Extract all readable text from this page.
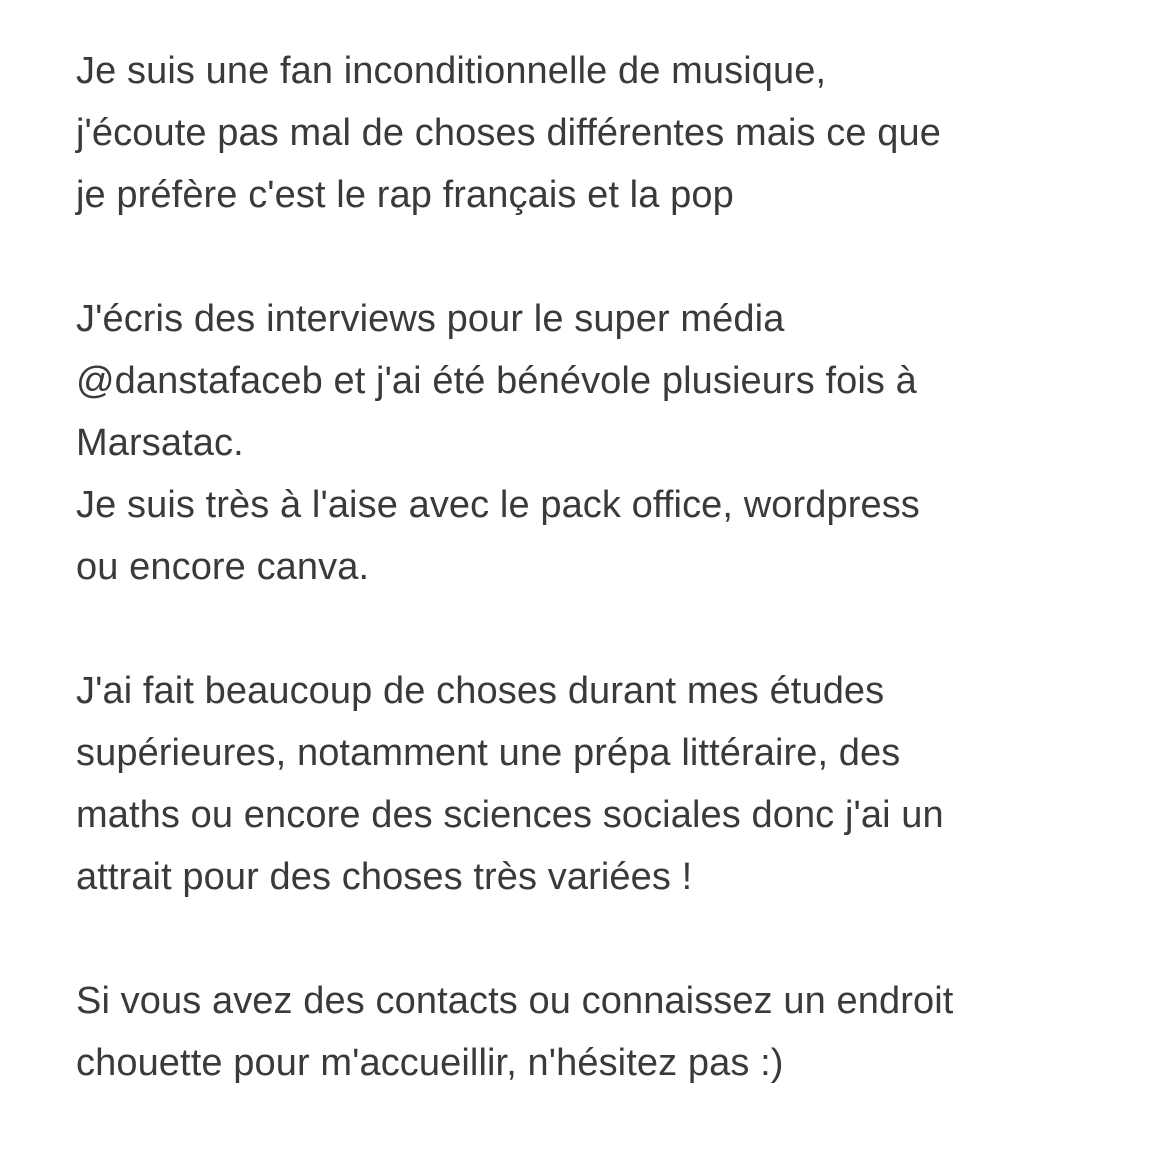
Je suis une fan inconditionnelle de musique,
j'écoute pas mal de choses différentes mais ce que
je préfère c'est le rap français et la pop
J'écris des interviews pour le super média
@danstafaceb et j'ai été bénévole plusieurs fois à
Marsatac.
Je suis très à l'aise avec le pack office, wordpress
ou encore canva.
J'ai fait beaucoup de choses durant mes études
supérieures, notamment une prépa littéraire, des
maths ou encore des sciences sociales donc j'ai un
attrait pour des choses très variées !
Si vous avez des contacts ou connaissez un endroit
chouette pour m'accueillir, n'hésitez pas :)
